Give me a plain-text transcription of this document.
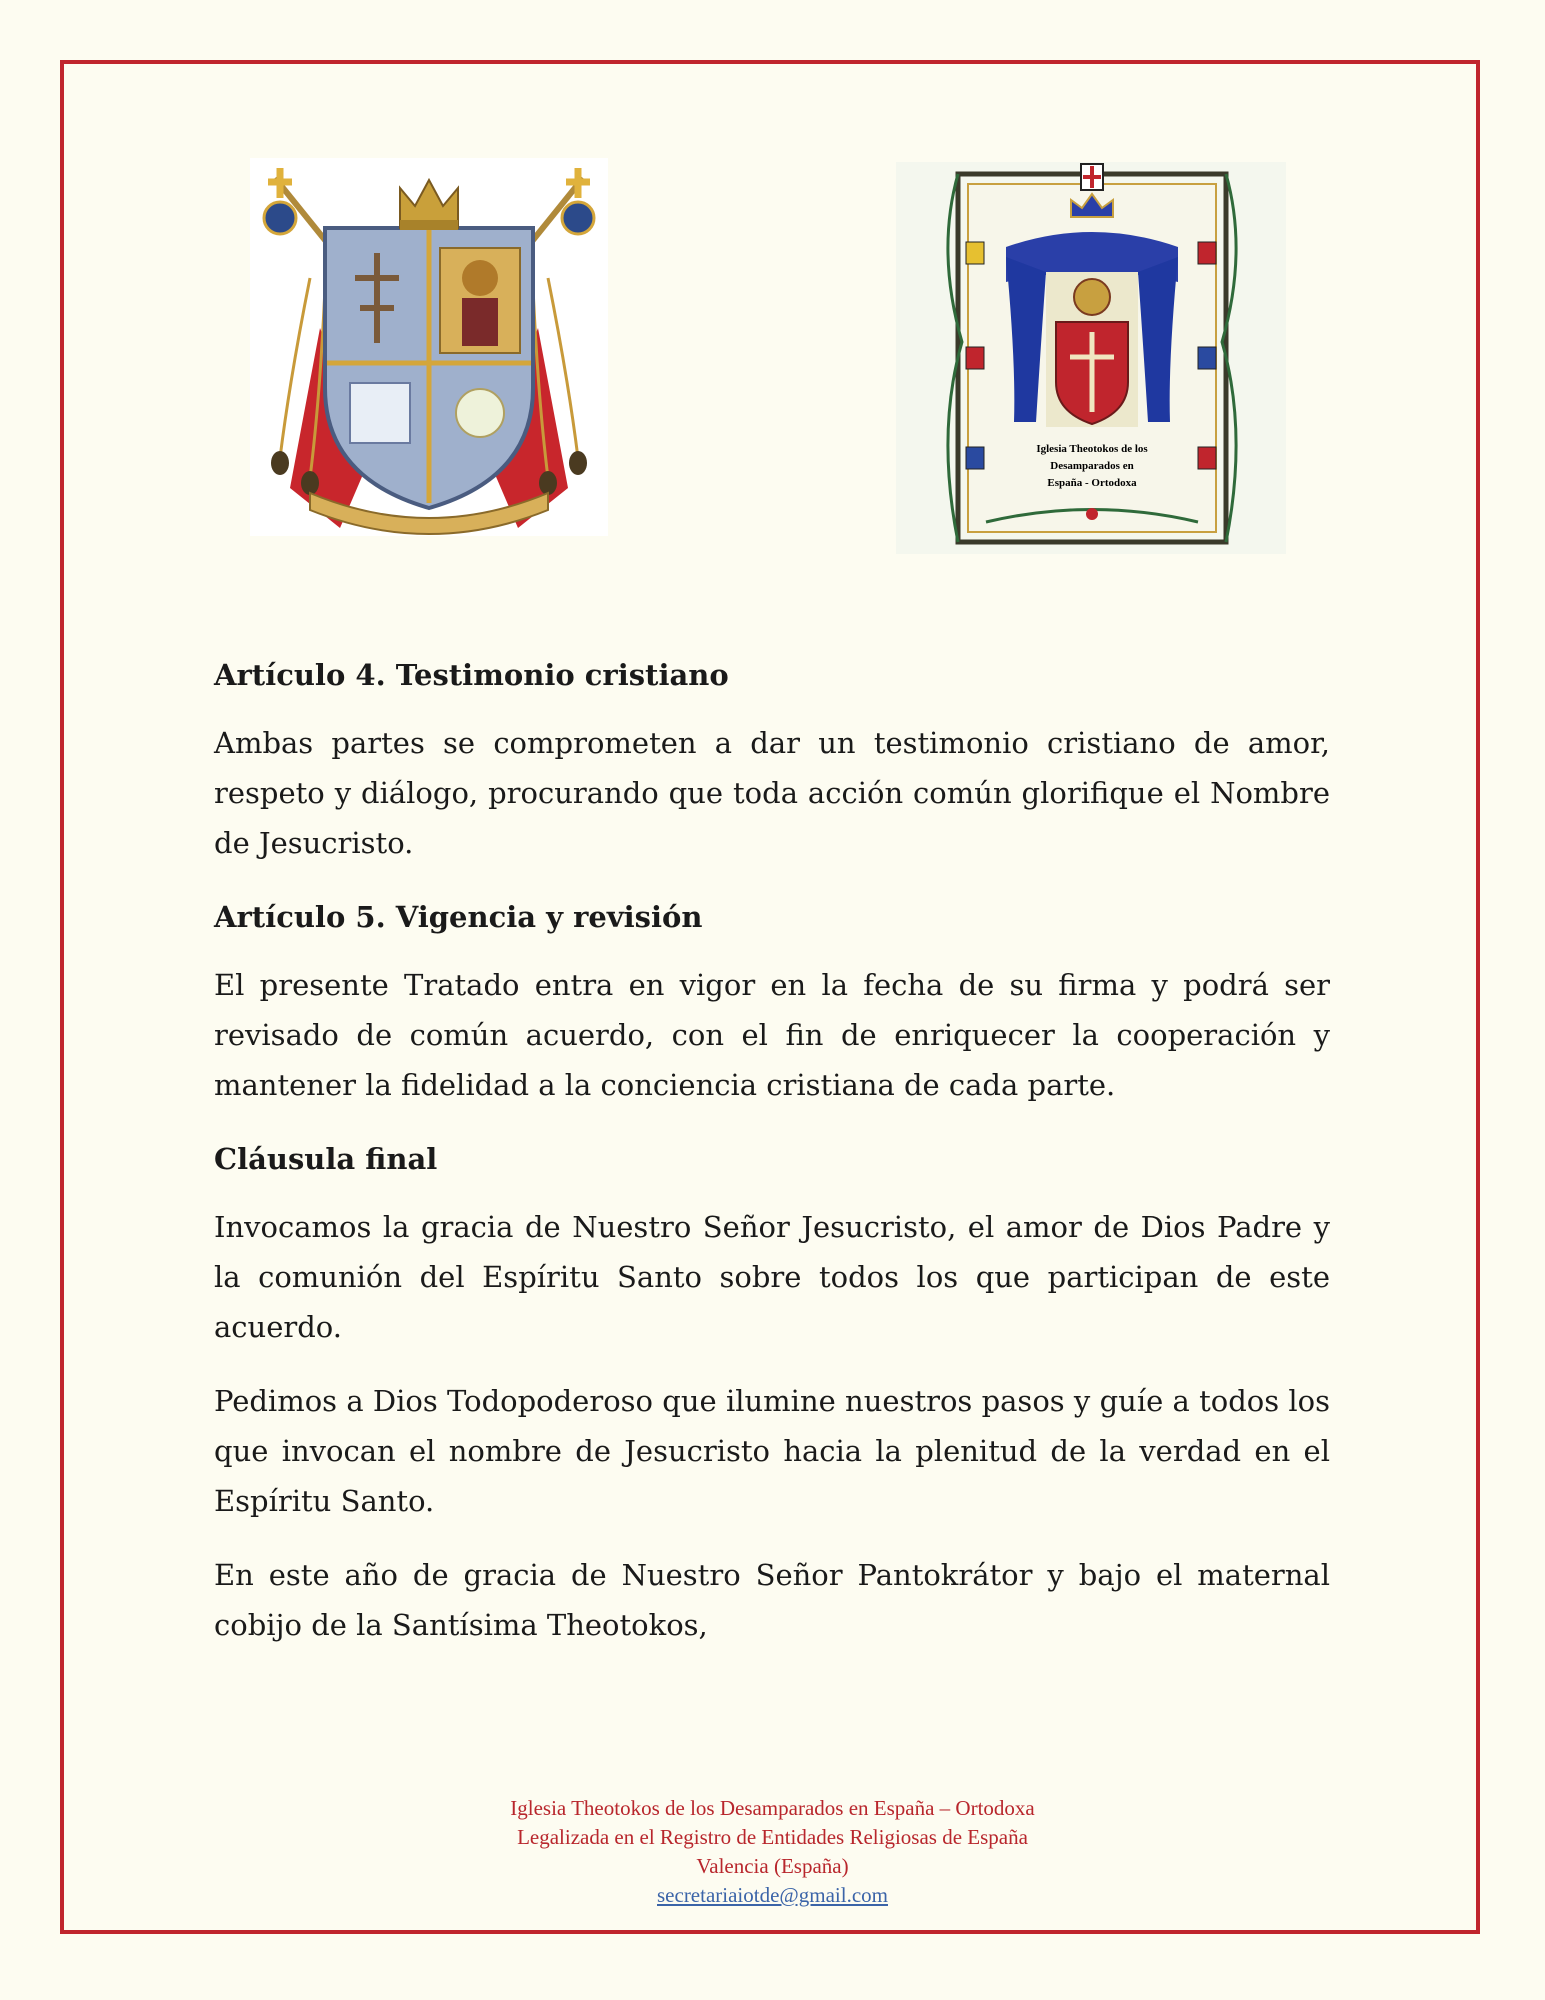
Iglesia Theotokos de los
Desamparados en
España - Ortodoxa
Artículo 4. Testimonio cristiano

Ambas partes se comprometen a dar un testimonio cristiano de amor, respeto y diálogo, procurando que toda acción común glorifique el Nombre de Jesucristo.

Artículo 5. Vigencia y revisión

El presente Tratado entra en vigor en la fecha de su firma y podrá ser revisado de común acuerdo, con el fin de enriquecer la cooperación y mantener la fidelidad a la conciencia cristiana de cada parte.

Cláusula final

Invocamos la gracia de Nuestro Señor Jesucristo, el amor de Dios Padre y la comunión del Espíritu Santo sobre todos los que participan de este acuerdo.

Pedimos a Dios Todopoderoso que ilumine nuestros pasos y guíe a todos los que invocan el nombre de Jesucristo hacia la plenitud de la verdad en el Espíritu Santo.

En este año de gracia de Nuestro Señor Pantokrátor y bajo el maternal cobijo de la Santísima Theotokos,

Iglesia Theotokos de los Desamparados en España – Ortodoxa
Legalizada en el Registro de Entidades Religiosas de España
Valencia (España)
secretariaiotde@gmail.com
